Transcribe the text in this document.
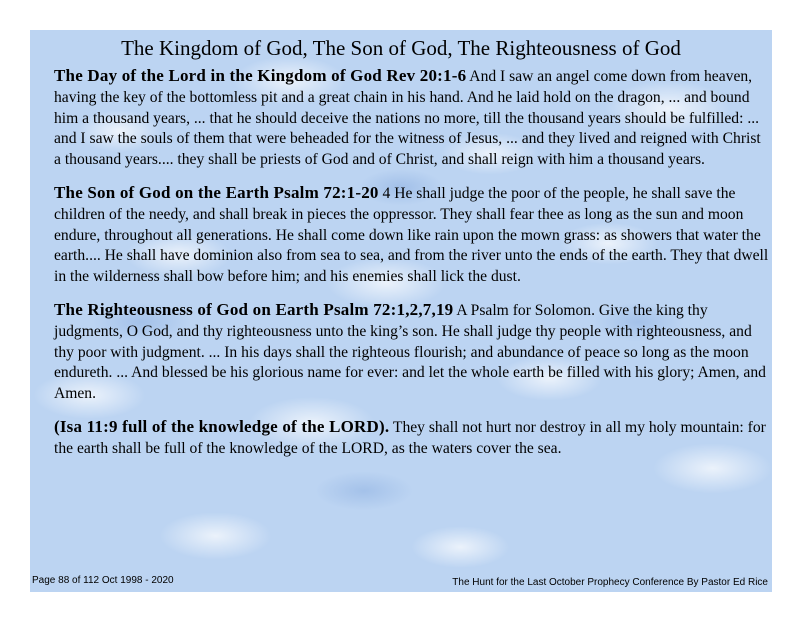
The Kingdom of God, The Son of God, The Righteousness of God

The Day of the Lord in the Kingdom of God Rev 20:1-6 And I saw an angel come down from heaven, having the key of the bottomless pit and a great chain in his hand. And he laid hold on the dragon, ... and bound him a thousand years, ... that he should deceive the nations no more, till the thousand years should be fulfilled: ... and I saw the souls of them that were beheaded for the witness of Jesus, ... and they lived and reigned with Christ a thousand years.... they shall be priests of God and of Christ, and shall reign with him a thousand years.

The Son of God on the Earth Psalm 72:1-20 4 He shall judge the poor of the people, he shall save the children of the needy, and shall break in pieces the oppressor. They shall fear thee as long as the sun and moon endure, throughout all generations. He shall come down like rain upon the mown grass: as showers that water the earth.... He shall have dominion also from sea to sea, and from the river unto the ends of the earth. They that dwell in the wilderness shall bow before him; and his enemies shall lick the dust.

The Righteousness of God on Earth Psalm 72:1,2,7,19 A Psalm for Solomon. Give the king thy judgments, O God, and thy righteousness unto the king’s son. He shall judge thy people with righteousness, and thy poor with judgment. ... In his days shall the righteous flourish; and abundance of peace so long as the moon endureth. ... And blessed be his glorious name for ever: and let the whole earth be filled with his glory; Amen, and Amen.

(Isa 11:9 full of the knowledge of the LORD). They shall not hurt nor destroy in all my holy mountain: for the earth shall be full of the knowledge of the LORD, as the waters cover the sea.

Page 88 of 112 Oct 1998 - 2020	The Hunt for the Last October Prophecy Conference By Pastor Ed Rice
